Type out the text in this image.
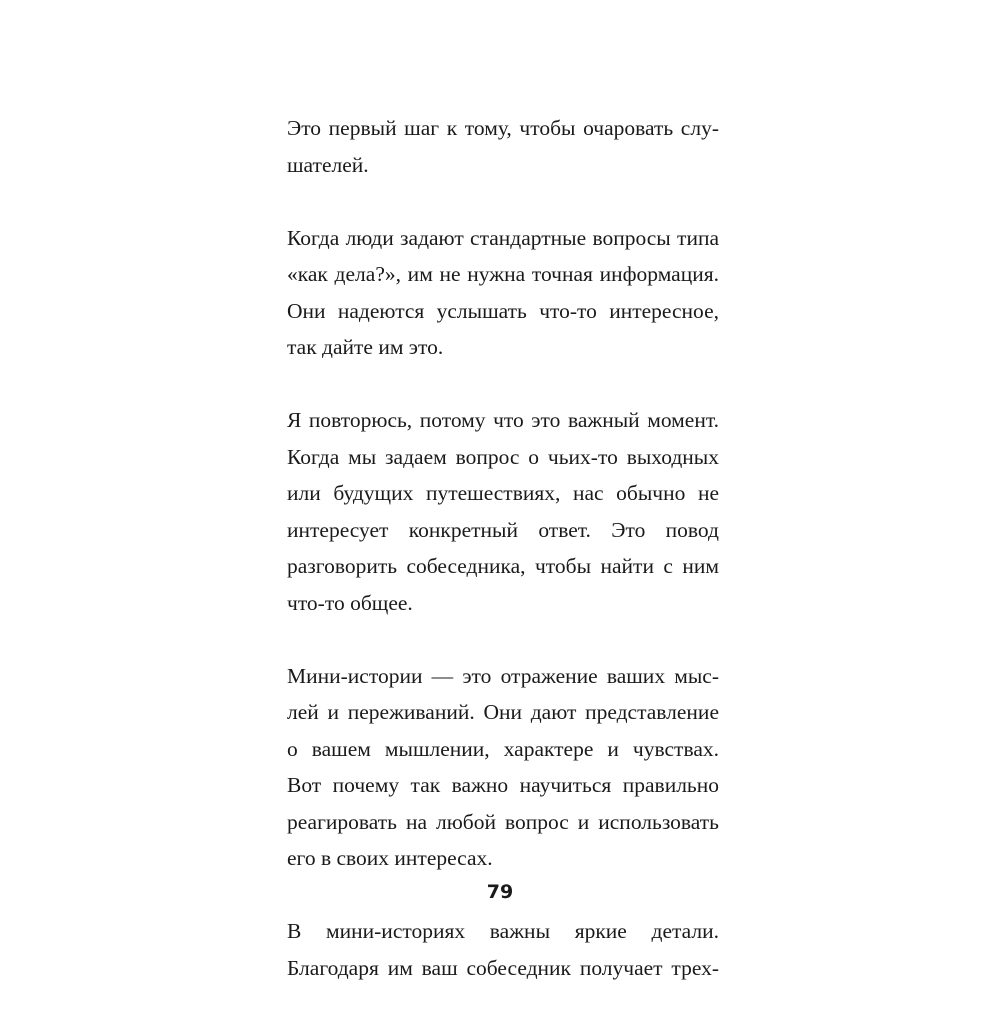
Это первый шаг к тому, чтобы очаровать слу-
шателей.

Когда люди задают стандартные вопросы типа
«как дела?», им не нужна точная информация.
Они надеются услышать что-то интересное,
так дайте им это.

Я повторюсь, потому что это важный момент.
Когда мы задаем вопрос о чьих-то выходных
или будущих путешествиях, нас обычно не
интересует конкретный ответ. Это повод
разговорить собеседника, чтобы найти с ним
что-то общее.

Мини-истории — это отражение ваших мыс-
лей и переживаний. Они дают представление
о вашем мышлении, характере и чувствах.
Вот почему так важно научиться правильно
реагировать на любой вопрос и использовать
его в своих интересах.

В мини-историях важны яркие детали.
Благодаря им ваш собеседник получает трех-

79
